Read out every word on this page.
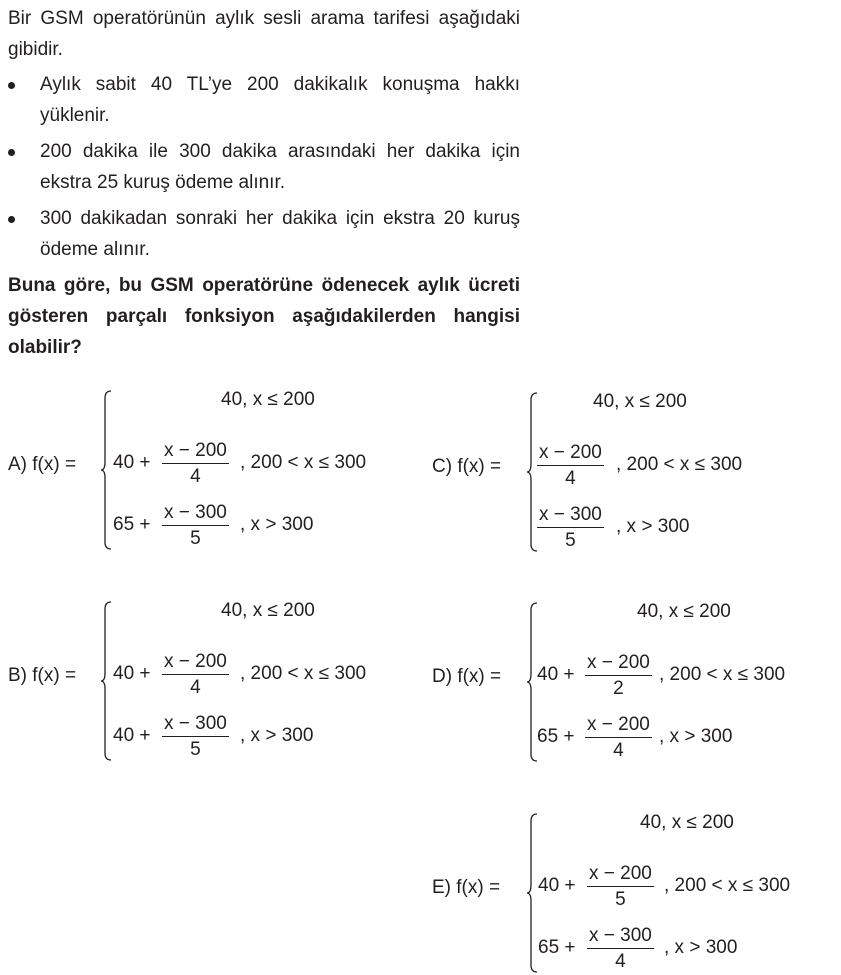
Bir GSM operatörünün aylık sesli arama tarifesi aşağıdaki gibidir.

Aylık sabit 40 TL’ye 200 dakikalık konuşma hakkı yüklenir.
200 dakika ile 300 dakika arasındaki her dakika için ekstra 25 kuruş ödeme alınır.
300 dakikadan sonraki her dakika için ekstra 20 kuruş ödeme alınır.

Buna göre, bu GSM operatörüne ödenecek aylık ücreti gösteren parçalı fonksiyon aşağıdakilerden hangisi olabilir?

A) f(x) =
40, x ≤ 200
40 +
x − 200
4
, 200 < x ≤ 300
65 +
x − 300
5
, x > 300
B) f(x) =
40, x ≤ 200
40 +
x − 200
4
, 200 < x ≤ 300
40 +
x − 300
5
, x > 300
C) f(x) =
40, x ≤ 200
x − 200
4
, 200 < x ≤ 300
x − 300
5
, x > 300
D) f(x) =
40, x ≤ 200
40 +
x − 200
2
, 200 < x ≤ 300
65 +
x − 200
4
, x > 300
E) f(x) =
40, x ≤ 200
40 +
x − 200
5
, 200 < x ≤ 300
65 +
x − 300
4
, x > 300
